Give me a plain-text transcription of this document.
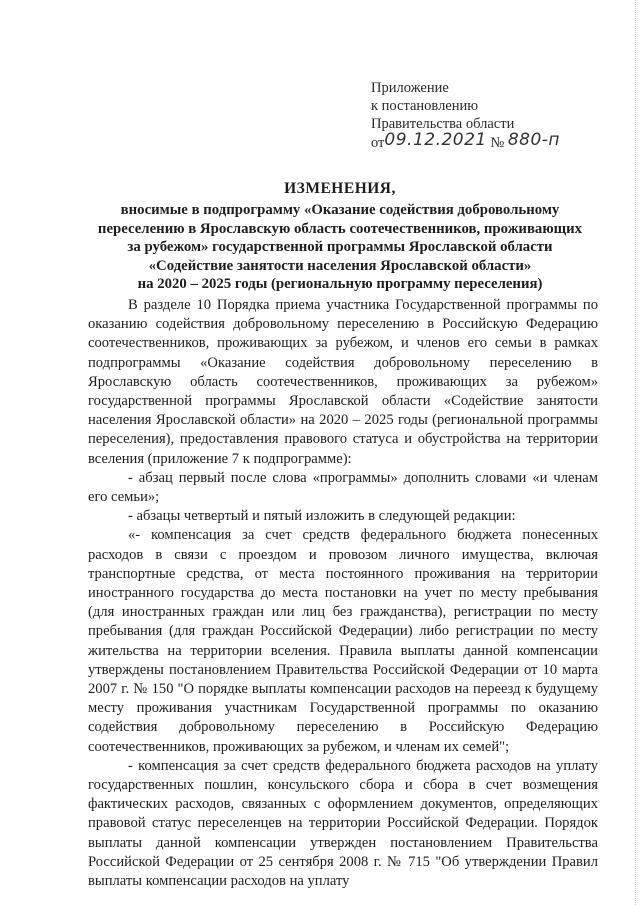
Приложение
к постановлению
Правительства области
от09.12.2021 № 880-п
ИЗМЕНЕНИЯ,
вносимые в подпрограмму «Оказание содействия добровольному
переселению в Ярославскую область соотечественников, проживающих
за рубежом» государственной программы Ярославской области
«Содействие занятости населения Ярославской области»
на 2020 – 2025 годы (региональную программу переселения)

В разделе 10 Порядка приема участника Государственной программы по оказанию содействия добровольному переселению в Российскую Федерацию соотечественников, проживающих за рубежом, и членов его семьи в рамках подпрограммы «Оказание содействия добровольному переселению в Ярославскую область соотечественников, проживающих за рубежом» государственной программы Ярославской области «Содействие занятости населения Ярославской области» на 2020 – 2025 годы (региональной программы переселения), предоставления правового статуса и обустройства на территории вселения (приложение 7 к подпрограмме):

- абзац первый после слова «программы» дополнить словами «и членам его семьи»;

- абзацы четвертый и пятый изложить в следующей редакции:

«- компенсация за счет средств федерального бюджета понесенных расходов в связи с проездом и провозом личного имущества, включая транспортные средства, от места постоянного проживания на территории иностранного государства до места постановки на учет по месту пребывания (для иностранных граждан или лиц без гражданства), регистрации по месту пребывания (для граждан Российской Федерации) либо регистрации по месту жительства на территории вселения. Правила выплаты данной компенсации утверждены постановлением Правительства Российской Федерации от 10 марта 2007 г. № 150 "О порядке выплаты компенсации расходов на переезд к будущему месту проживания участникам Государственной программы по оказанию содействия добровольному переселению в Российскую Федерацию соотечественников, проживающих за рубежом, и членам их семей";

- компенсация за счет средств федерального бюджета расходов на уплату государственных пошлин, консульского сбора и сбора в счет возмещения фактических расходов, связанных с оформлением документов, определяющих правовой статус переселенцев на территории Российской Федерации. Порядок выплаты данной компенсации утвержден постановлением Правительства Российской Федерации от 25 сентября 2008 г. № 715 "Об утверждении Правил выплаты компенсации расходов на уплату
